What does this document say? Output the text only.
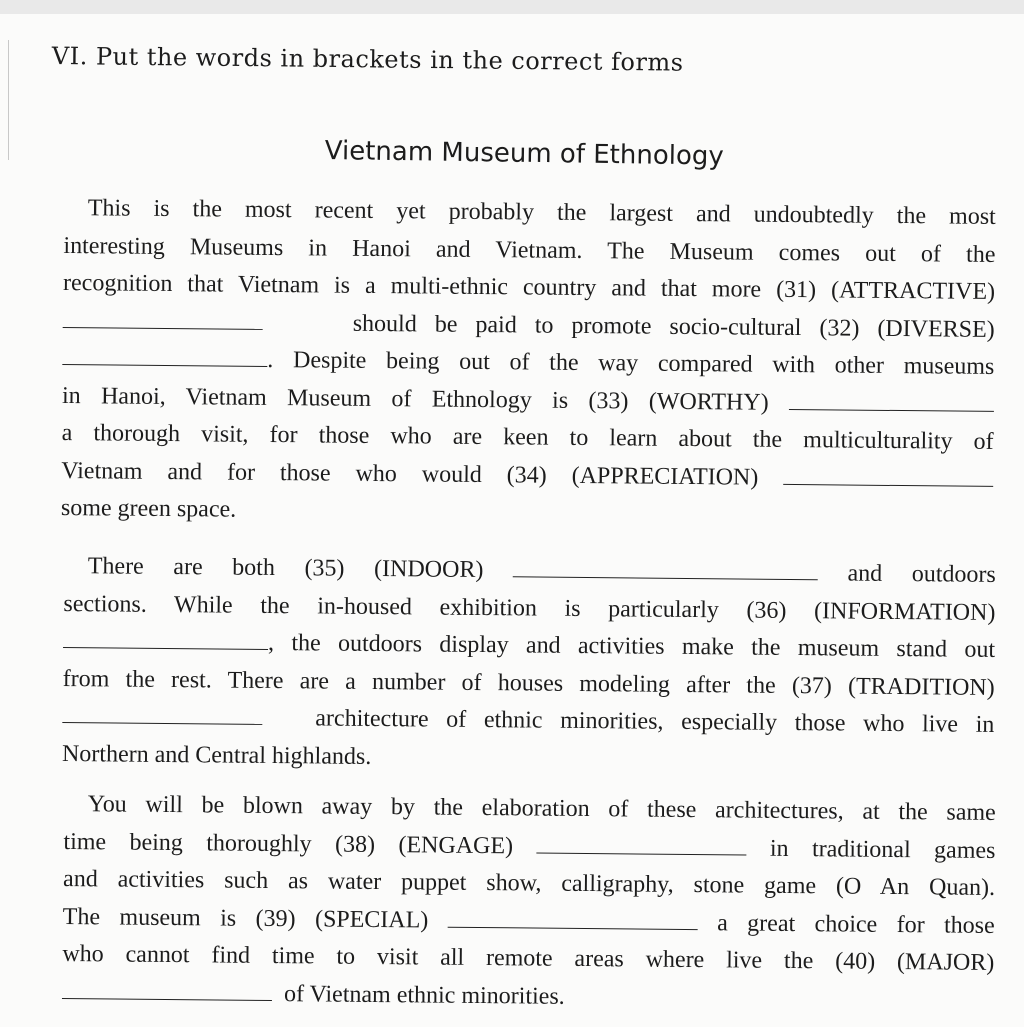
VI. Put the words in brackets in the correct forms
Vietnam Museum of Ethnology
 This is the most recent yet probably the largest and undoubtedly the most
interesting Museums in Hanoi and Vietnam. The Museum comes out of the
recognition that Vietnam is a multi-ethnic country and that more (31) (ATTRACTIVE)
should be paid to promote socio-cultural (32) (DIVERSE)
. Despite being out of the way compared with other museums
in Hanoi, Vietnam Museum of Ethnology is (33) (WORTHY)
a thorough visit, for those who are keen to learn about the multiculturality of
Vietnam and for those who would (34) (APPRECIATION)
some green space.
 There are both (35) (INDOOR)	and outdoors
sections. While the in-housed exhibition is particularly (36) (INFORMATION)
, the outdoors display and activities make the museum stand out
from the rest. There are a number of houses modeling after the (37) (TRADITION)
architecture of ethnic minorities, especially those who live in
Northern and Central highlands.
 You will be blown away by the elaboration of these architectures, at the same
time being thoroughly (38) (ENGAGE)	in traditional games
and activities such as water puppet show, calligraphy, stone game (O An Quan).
The museum is (39) (SPECIAL)	a great choice for those
who cannot find time to visit all remote areas where live the (40) (MAJOR)
of Vietnam ethnic minorities.
